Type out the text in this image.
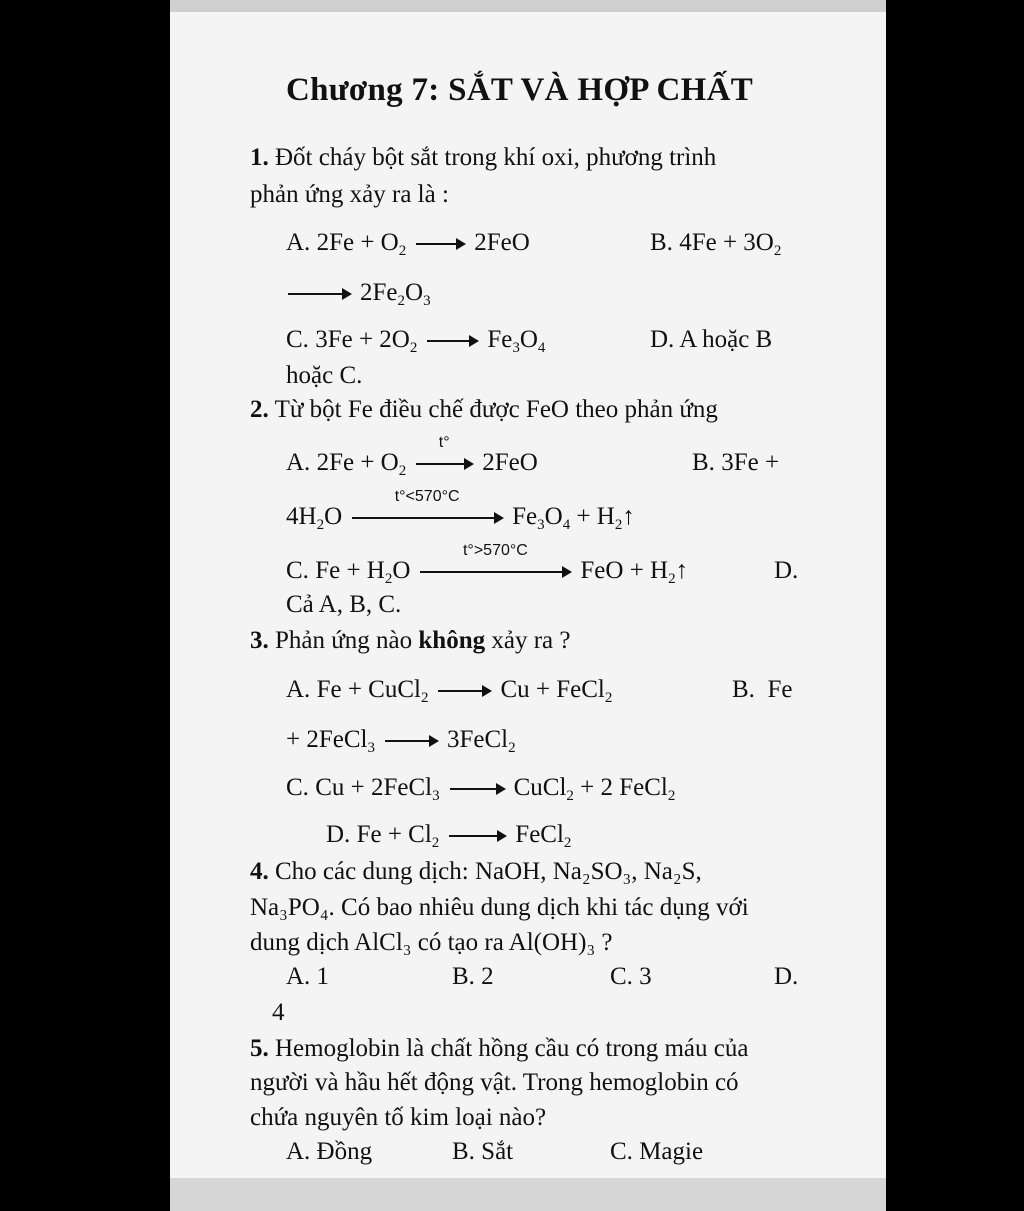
Chương 7: SẮT VÀ HỢP CHẤT
1. Đốt cháy bột sắt trong khí oxi, phương trình
phản ứng xảy ra là :
A. $2Fe + O_2 \to 2FeO$	B. $4Fe + 3O_2$
→ $2Fe_2O_3$
C. $3Fe + 2O_2 \to Fe_3O_4$	D. A hoặc B
hoặc C.
2. Từ bột Fe điều chế được FeO theo phản ứng
A. $2Fe + O_2$
t°
2FeO	B. 3Fe +
$4H_2O$
t°<570°C
$Fe_3O_4$ + $H_2↑$
C. $Fe + H_2O$
t°>570°C
FeO + $H_2↑$	D.
Cả A, B, C.
3. Phản ứng nào không xảy ra ?
A. Fe + CuCl$_2$ → Cu + FeCl$_2$	B.  Fe
+ 2FeCl$_3$ → 3FeCl$_2$
C. Cu + 2FeCl$_3$ → CuCl$_2$ + 2 FeCl$_2$
D. $Fe + Cl_2$ → FeCl$_2$
4. Cho các dung dịch: NaOH, Na₂SO₃, Na₂S,
Na₃PO₄. Có bao nhiêu dung dịch khi tác dụng với
dung dịch AlCl₃ có tạo ra Al(OH)₃ ?
A. 1	B. 2	C. 3	D.
4
5. Hemoglobin là chất hồng cầu có trong máu của
người và hầu hết động vật. Trong hemoglobin có
chứa nguyên tố kim loại nào?
A. Đồng	B. Sắt	C. Magie
